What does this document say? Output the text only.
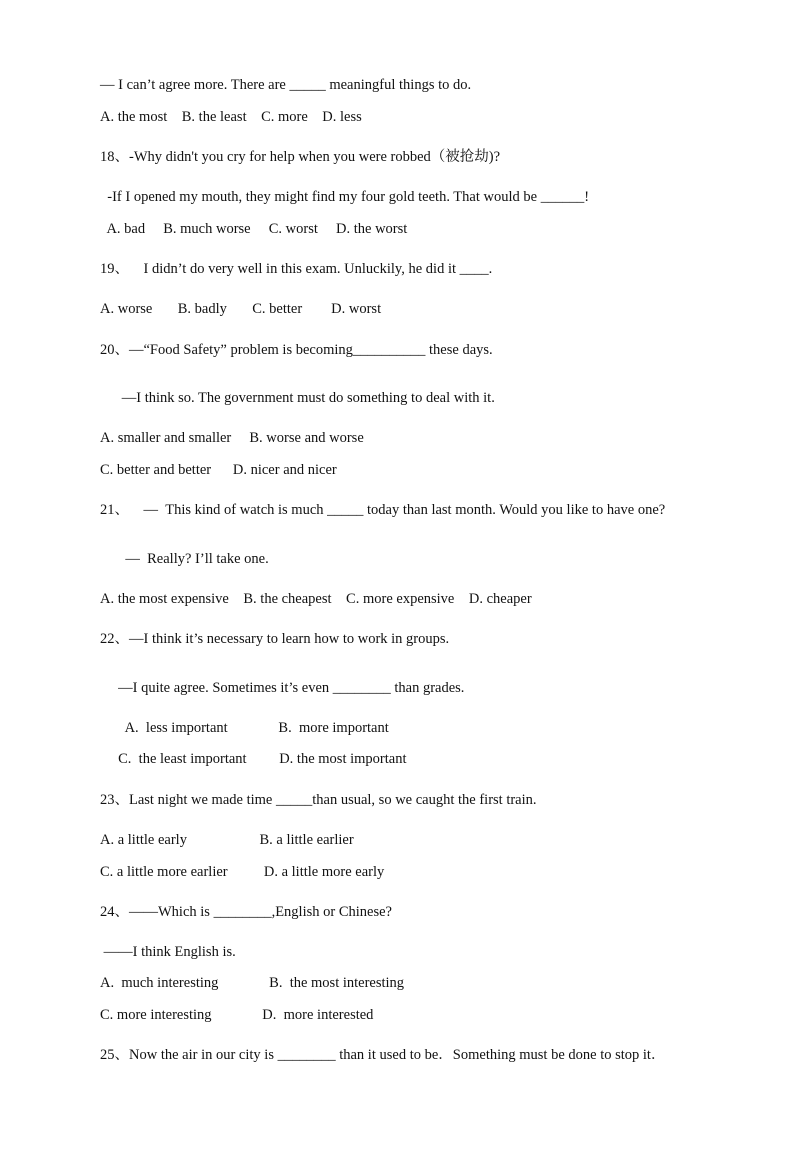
— I can’t agree more. There are _____ meaningful things to do.
A. the most    B. the least    C. more    D. less
18、-Why didn't you cry for help when you were robbed（被抢劫)?
-If I opened my mouth, they might find my four gold teeth. That would be ______!
A. bad     B. much worse     C. worst     D. the worst
19、    I didn’t do very well in this exam. Unluckily, he did it ____.
A. worse       B. badly       C. better        D. worst
20、—“Food Safety” problem is becoming__________ these days.
—I think so. The government must do something to deal with it.
A. smaller and smaller     B. worse and worse
C. better and better      D. nicer and nicer
21、    —  This kind of watch is much _____ today than last month. Would you like to have one?
—  Really? I’ll take one.
A. the most expensive    B. the cheapest    C. more expensive    D. cheaper
22、—I think it’s necessary to learn how to work in groups.
—I quite agree. Sometimes it’s even ________ than grades.
A.  less important              B.  more important
C.  the least important         D. the most important
23、Last night we made time _____than usual, so we caught the first train.
A. a little early                    B. a little earlier
C. a little more earlier          D. a little more early
24、——Which is ________,English or Chinese?
——I think English is.
A.  much interesting              B.  the most interesting
C. more interesting              D.  more interested
25、Now the air in our city is ________ than it used to be．Something must be done to stop it．
